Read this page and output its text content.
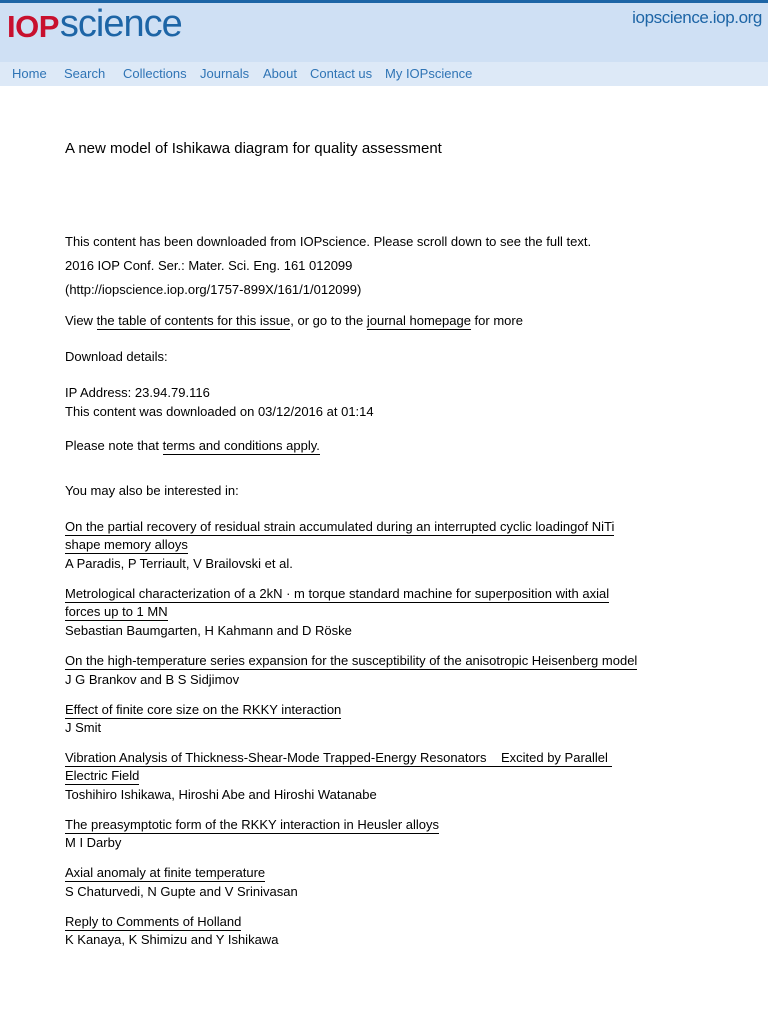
IOPscience	iopscience.iop.org
Home Search Collections Journals About Contact us My IOPscience
A new model of Ishikawa diagram for quality assessment
This content has been downloaded from IOPscience. Please scroll down to see the full text.
2016 IOP Conf. Ser.: Mater. Sci. Eng. 161 012099
(http://iopscience.iop.org/1757-899X/161/1/012099)
View the table of contents for this issue, or go to the journal homepage for more
Download details:
IP Address: 23.94.79.116
This content was downloaded on 03/12/2016 at 01:14
Please note that terms and conditions apply.
You may also be interested in:
On the partial recovery of residual strain accumulated during an interrupted cyclic loadingof NiTi shape memory alloys
A Paradis, P Terriault, V Brailovski et al.
Metrological characterization of a 2kN · m torque standard machine for superposition with axial forces up to 1 MN
Sebastian Baumgarten, H Kahmann and D Röske
On the high-temperature series expansion for the susceptibility of the anisotropic Heisenberg model
J G Brankov and B S Sidjimov
Effect of finite core size on the RKKY interaction
J Smit
Vibration Analysis of Thickness-Shear-Mode Trapped-Energy Resonators    Excited by Parallel Electric Field
Toshihiro Ishikawa, Hiroshi Abe and Hiroshi Watanabe
The preasymptotic form of the RKKY interaction in Heusler alloys
M I Darby
Axial anomaly at finite temperature
S Chaturvedi, N Gupte and V Srinivasan
Reply to Comments of Holland
K Kanaya, K Shimizu and Y Ishikawa
